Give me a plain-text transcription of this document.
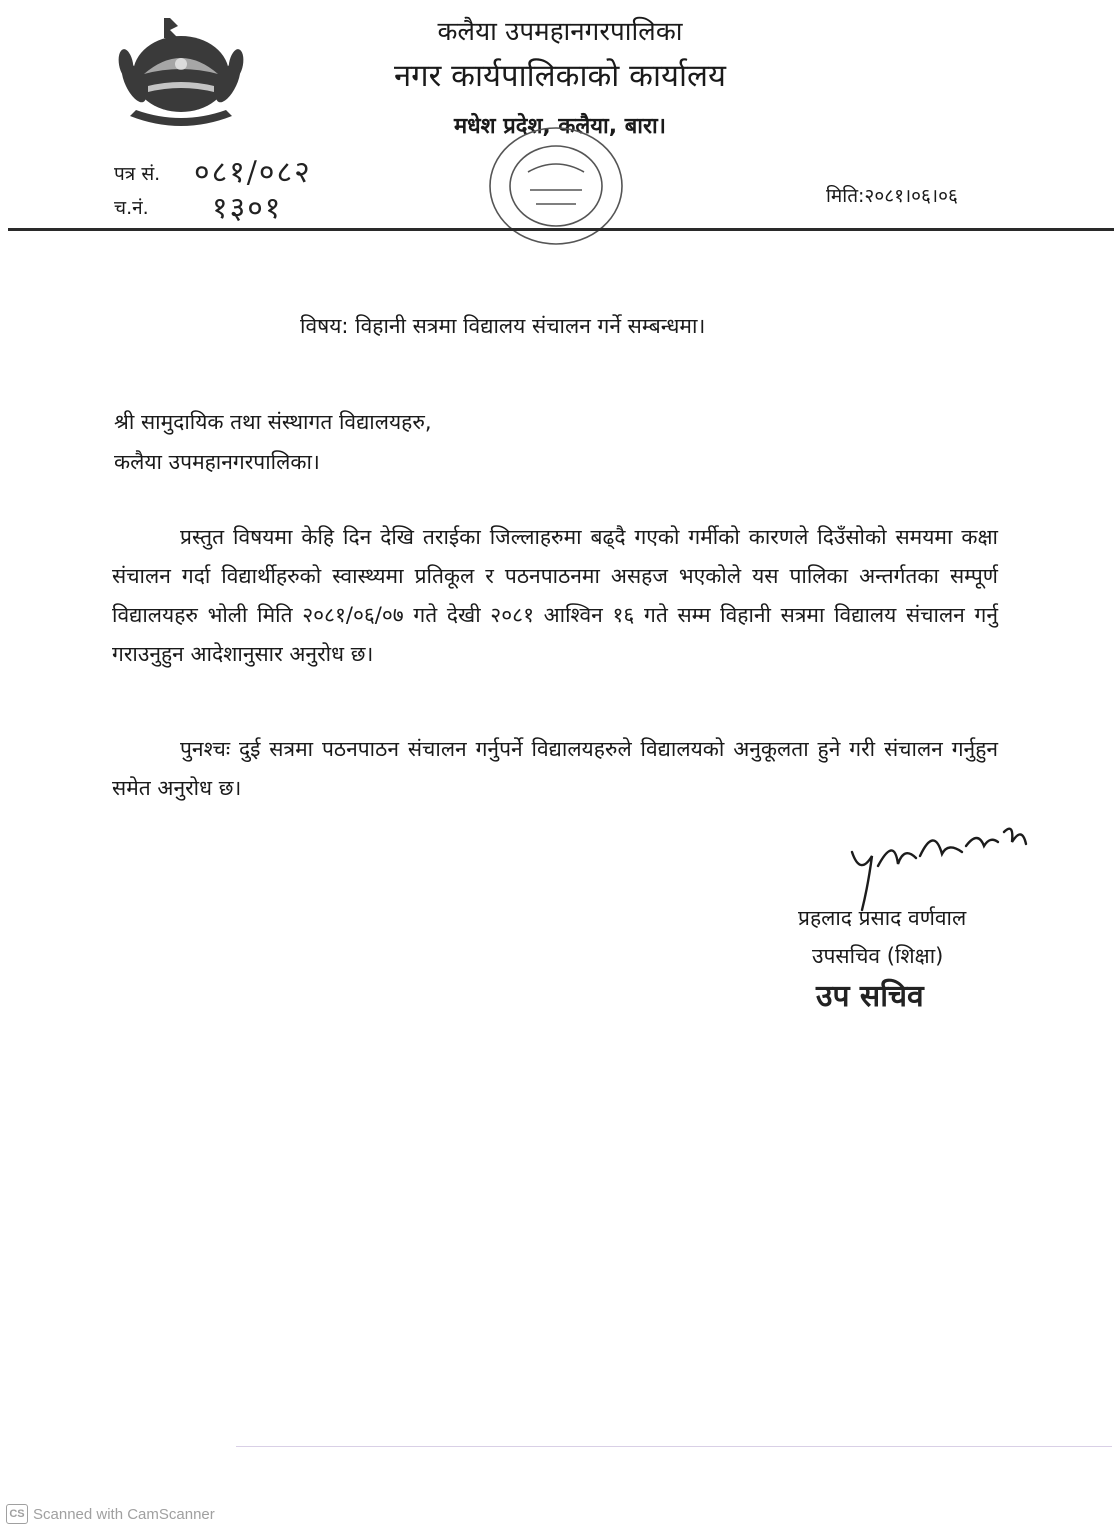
कलैया उपमहानगरपालिका
नगर कार्यपालिकाको कार्यालय
मधेश प्रदेश, कलैया, बारा।
पत्र सं. ०८१/०८२
च.नं. १३०१	मिति:२०८१।०६।०६
विषय: विहानी सत्रमा विद्यालय संचालन गर्ने सम्बन्धमा।
श्री सामुदायिक तथा संस्थागत विद्यालयहरु,
कलैया उपमहानगरपालिका।

प्रस्तुत विषयमा केहि दिन देखि तराईका जिल्लाहरुमा बढ्दै गएको गर्मीको कारणले दिउँसोको समयमा कक्षा संचालन गर्दा विद्यार्थीहरुको स्वास्थ्यमा प्रतिकूल र पठनपाठनमा असहज भएकोले यस पालिका अन्तर्गतका सम्पूर्ण विद्यालयहरु भोली मिति २०८१/०६/०७ गते देखी २०८१ आश्विन १६ गते सम्म विहानी सत्रमा विद्यालय संचालन गर्नु गराउनुहुन आदेशानुसार अनुरोध छ।

पुनश्चः दुई सत्रमा पठनपाठन संचालन गर्नुपर्ने विद्यालयहरुले विद्यालयको अनुकूलता हुने गरी संचालन गर्नुहुन समेत अनुरोध छ।

प्रहलाद प्रसाद वर्णवाल
उपसचिव (शिक्षा)
उप सचिव
CS Scanned with CamScanner
